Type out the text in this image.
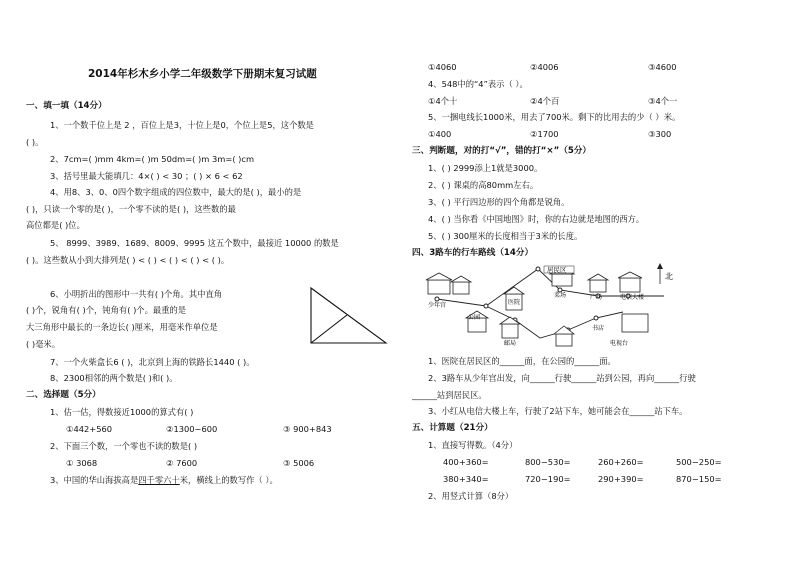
2014年杉木乡小学二年级数学下册期末复习试题
一、填一填（14分）
1、一个数千位上是 2 ，百位上是3，十位上是0，个位上是5，这个数是
( )。
2、7cm=( )mm 4km=( )m 50dm=( )m 3m=( )cm
3、括号里最大能填几：4×( ) < 30 ；( ) × 6 < 62
4、用8、3、0、0四个数字组成的四位数中，最大的是( )，最小的是
( )，只读一个零的是( )，一个零不读的是( )，这些数的最
高位都是( )位。
5、 8999、3989、1689、8009、9995 这五个数中，最接近 10000 的数是
( )。这些数从小到大排列是( ) < ( ) < ( ) < ( ) < ( )。
6、小明折出的图形中一共有( )个角。其中直角
( )个，锐角有( )个，钝角有( )个。最重的是
大三角形中最长的一条边长( )厘米，用毫米作单位是
( )毫米。
7、一个火柴盒长6 ( )，北京到上海的铁路长1440 ( )。
8、2300相邻的两个数是( )和( )。
二、选择题（5分）
1、估一估，得数接近1000的算式有( )
①442+560	②1300−600	③ 900+843
2、下面三个数，一个零也不读的数是( )
① 3068	② 7600	③ 5006
3、中国的华山海拔高是四千零六十米，横线上的数写作（ ）。
①4060	②4006	③4600
4、548中的“4”表示（ ）。
①4个十	②4个百	③4个一
5、一捆电线长1000米，用去了700米。剩下的比用去的少（ ）米。
①400	②1700	③300
三、判断题，对的打“√”，错的打“×”（5分）
1、( ) 2999添上1就是3000。
2、( ) 课桌的高80mm左右。
3、( ) 平行四边形的四个角都是锐角。
4、( ) 当你看《中国地图》时，你的右边就是地图的西方。
5、( ) 300厘米的长度相当于3米的长度。
四、3路车的行车路线（14分）
居民区
少年宫	医院
菜场	广场	电信大楼
公园
邮局
书店
电视台
北
1、医院在居民区的______面，在公园的______面。
2、3路车从少年宫出发，向______行驶______站到公园，再向______行驶
______站到居民区。
3、小红从电信大楼上车，行驶了2站下车，她可能会在______站下车。
五、计算题（21分）
1、直接写得数。（4分）
400+360=	800−530=	260+260=	500−250=
380+340=	720−190=	290+390=	870−150=
2、用竖式计算（8分）
